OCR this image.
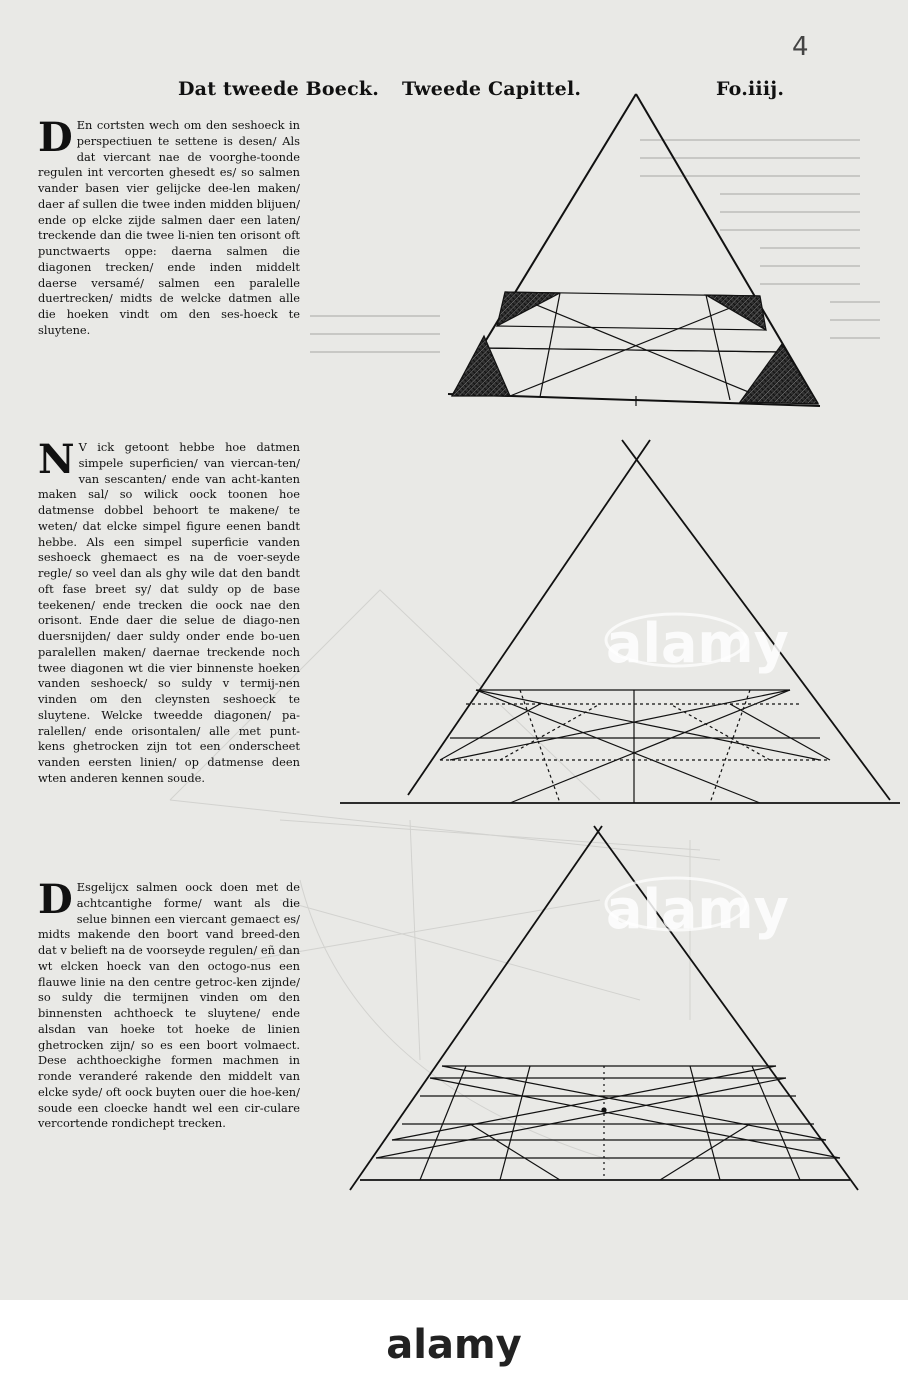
Dat tweede Boeck. Tweede Capittel.	Fo.iiij.
4
D En cortsten wech om den seshoeck in perspectiuen te settene is desen/ Als dat viercant nae de voorghe-toonde regulen int vercorten ghesedt es/ so salmen vander basen vier gelijcke dee-len maken/ daer af sullen die twee inden midden blijuen/ ende op elcke zijde salmen daer een laten/ treckende dan die twee li-nien ten orisont oft punctwaerts oppe: daerna salmen die diagonen trecken/ ende inden middelt daerse versamé/ salmen een paralelle duertrecken/ midts de welcke datmen alle die hoeken vindt om den ses-hoeck te sluytene.
N V ick getoont hebbe hoe datmen simpele superficien/ van viercan-ten/ van sescanten/ ende van acht-kanten maken sal/ so wilick oock toonen hoe datmense dobbel behoort te makene/ te weten/ dat elcke simpel figure eenen bandt hebbe. Als een simpel superficie vanden seshoeck ghemaect es na de voer-seyde regle/ so veel dan als ghy wile dat den bandt oft fase breet sy/ dat suldy op de base teekenen/ ende trecken die oock nae den orisont. Ende daer die selue de diago-nen duersnijden/ daer suldy onder ende bo-uen paralellen maken/ daernae treckende noch twee diagonen wt die vier binnenste hoeken vanden seshoeck/ so suldy v termij-nen vinden om den cleynsten seshoeck te sluytene. Welcke tweedde diagonen/ pa-ralellen/ ende orisontalen/ alle met punt-kens ghetrocken zijn tot een onderscheet vanden eersten linien/ op datmense deen wten anderen kennen soude.
D Esgelijcx salmen oock doen met de achtcantighe forme/ want als die selue binnen een viercant gemaect es/ midts makende den boort vand breed-den dat v belieft na de voorseyde regulen/ eñ dan wt elcken hoeck van den octogo-nus een flauwe linie na den centre getroc-ken zijnde/ so suldy die termijnen vinden om den binnensten achthoeck te sluytene/ ende alsdan van hoeke tot hoeke de linien ghetrocken zijn/ so es een boort volmaect. Dese achthoeckighe formen machmen in ronde veranderé rakende den middelt van elcke syde/ oft oock buyten ouer die hoe-ken/ soude een cloecke handt wel een cir-culare vercortende rondichept trecken.
alamy
alamy
alamy
